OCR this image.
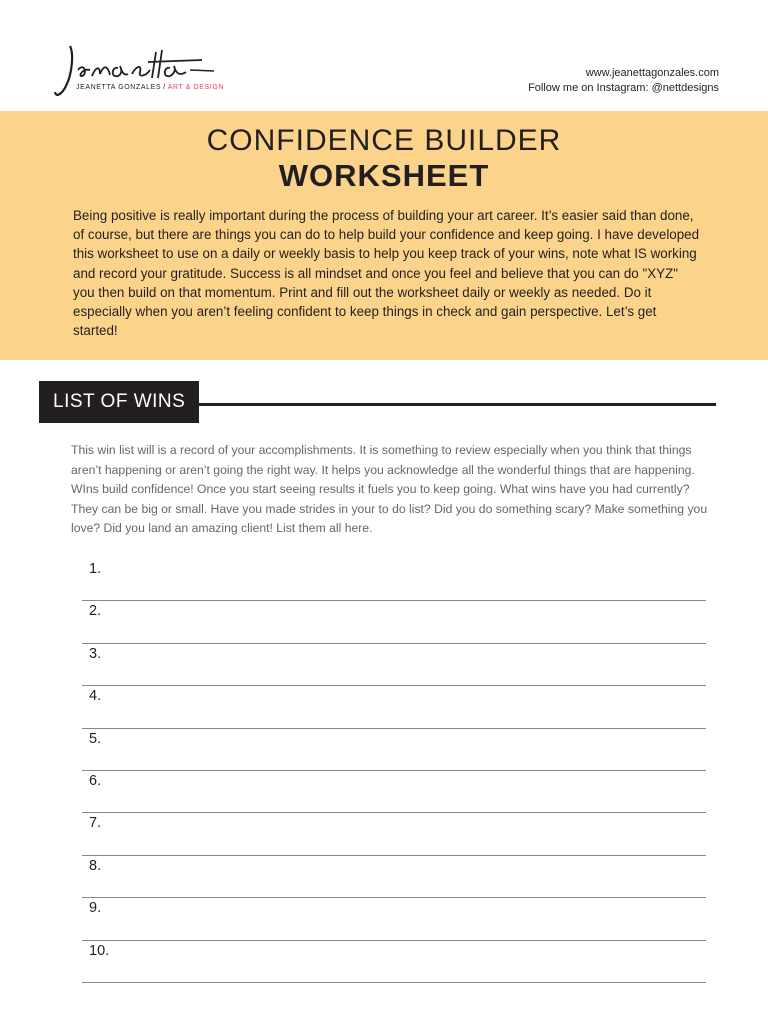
JEANETTA GONZALES / ART & DESIGN
www.jeanettagonzales.com
Follow me on Instagram: @nettdesigns
CONFIDENCE BUILDER
WORKSHEET
Being positive is really important during the process of building your art career. It’s easier said than done, of course, but there are things you can do to help build your confidence and keep going. I have developed this worksheet to use on a daily or weekly basis to help you keep track of your wins, note what IS working and record your gratitude. Success is all mindset and once you feel and believe that you can do "XYZ" you then build on that momentum. Print and fill out the worksheet daily or weekly as needed. Do it especially when you aren’t feeling confident to keep things in check and gain perspective. Let’s get started!
LIST OF WINS
This win list will is a record of your accomplishments. It is something to review especially when you think that things aren’t happening or aren’t going the right way. It helps you acknowledge all the wonderful things that are happening. WIns build confidence! Once you start seeing results it fuels you to keep going. What wins have you had currently? They can be big or small. Have you made strides in your to do list? Did you do something scary? Make something you love? Did you land an amazing client! List them all here.
1.
2.
3.
4.
5.
6.
7.
8.
9.
10.
